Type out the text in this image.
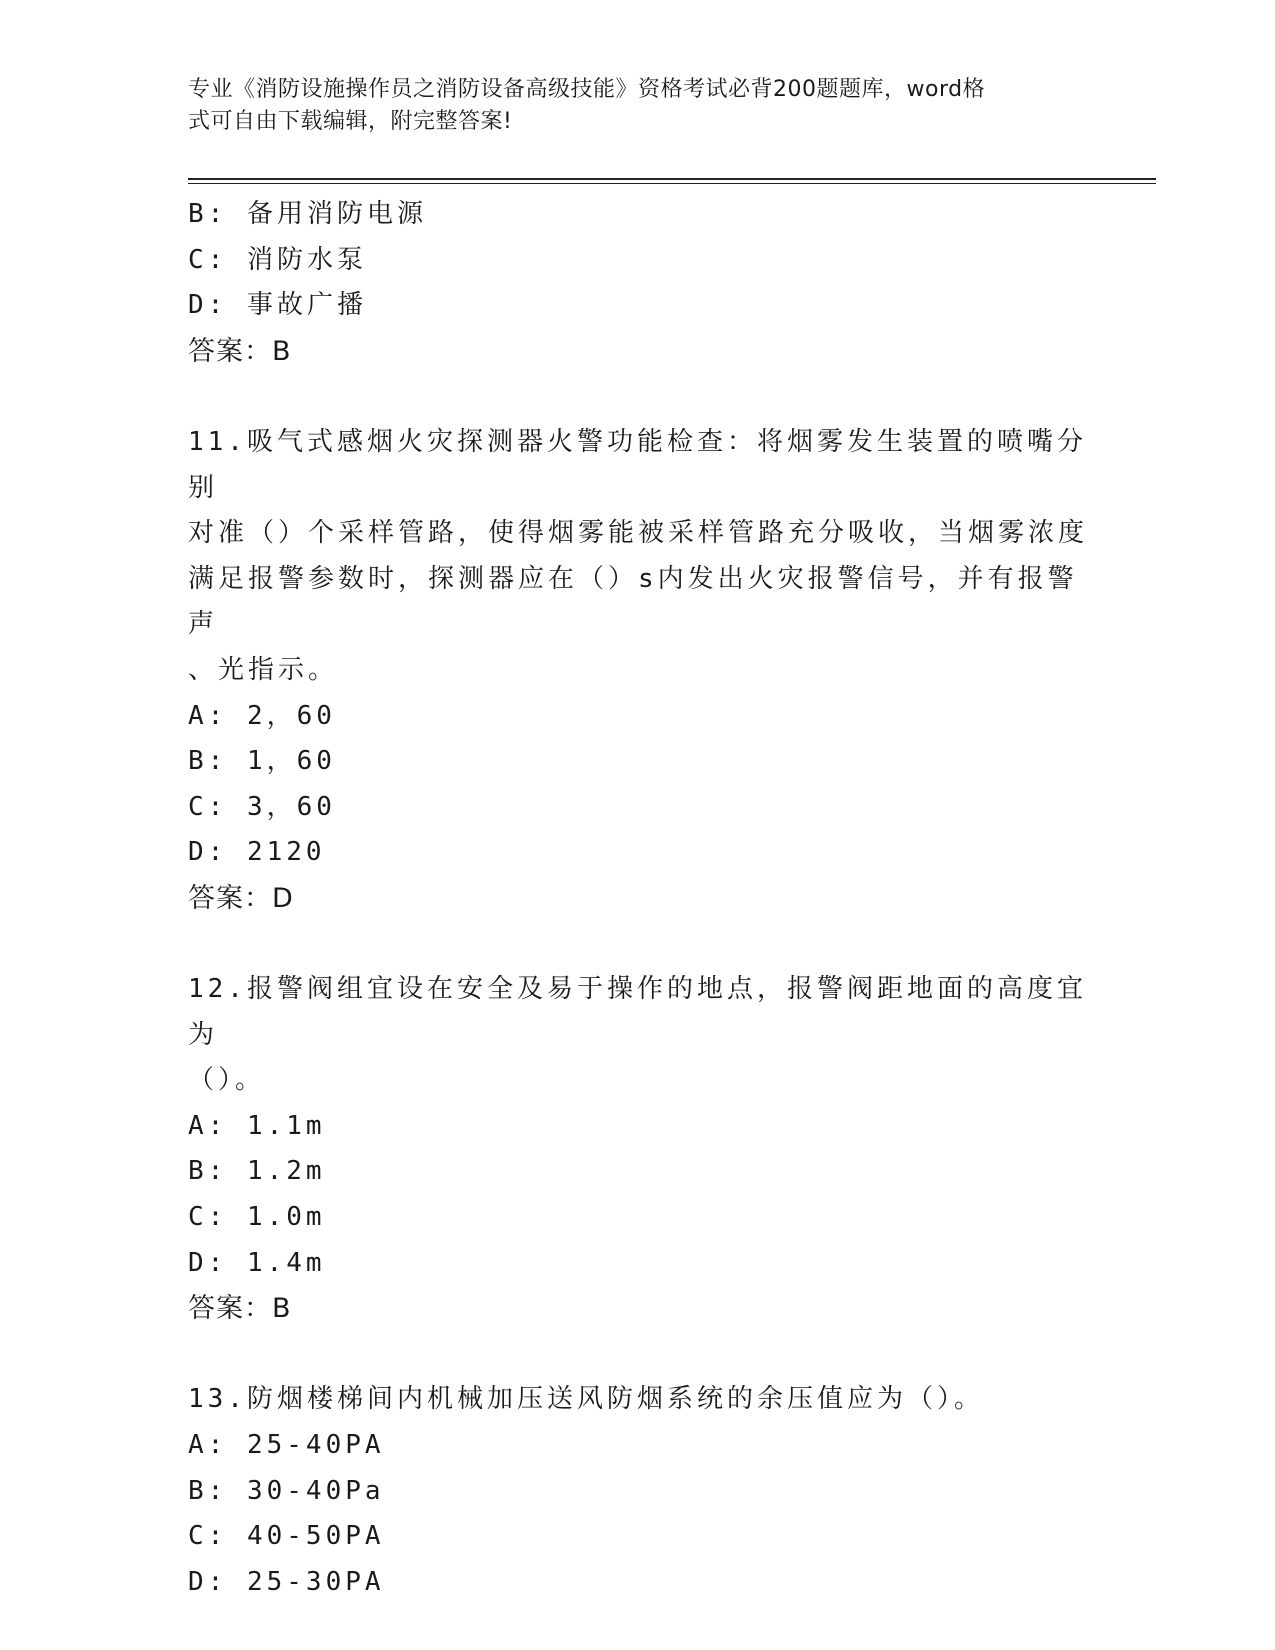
专业《消防设施操作员之消防设备高级技能》资格考试必背200题题库，word格
式可自由下载编辑，附完整答案!
B: 备用消防电源
C: 消防水泵
D: 事故广播
答案：B
11.吸气式感烟火灾探测器火警功能检查：将烟雾发生装置的喷嘴分别
对准（）个采样管路，使得烟雾能被采样管路充分吸收，当烟雾浓度
满足报警参数时，探测器应在（）s内发出火灾报警信号，并有报警声
、光指示。
A: 2，60
B: 1，60
C: 3，60
D: 2120
答案：D
12.报警阀组宜设在安全及易于操作的地点，报警阀距地面的高度宜为
（）。
A: 1.1m
B: 1.2m
C: 1.0m
D: 1.4m
答案：B
13.防烟楼梯间内机械加压送风防烟系统的余压值应为（）。
A: 25-40PA
B: 30-40Pa
C: 40-50PA
D: 25-30PA
